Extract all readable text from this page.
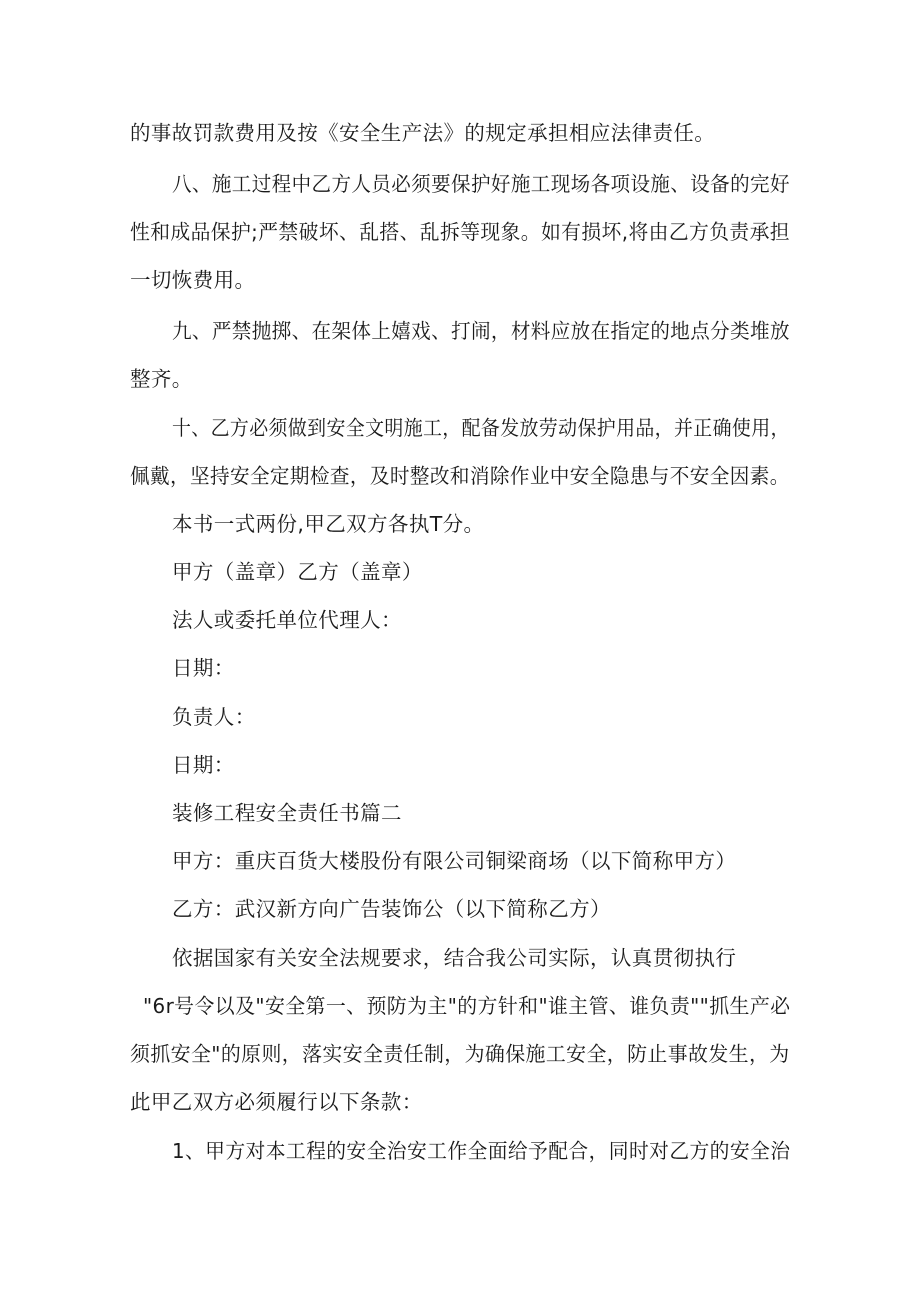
的事故罚款费用及按《安全生产法》的规定承担相应法律责任。
八、施工过程中乙方人员必须要保护好施工现场各项设施、设备的完好
性和成品保护;严禁破坏、乱搭、乱拆等现象。如有损坏,将由乙方负责承担
一切恢费用。
九、严禁抛掷、在架体上嬉戏、打闹，材料应放在指定的地点分类堆放
整齐。
十、乙方必须做到安全文明施工，配备发放劳动保护用品，并正确使用，
佩戴，坚持安全定期检查，及时整改和消除作业中安全隐患与不安全因素。
本书一式两份,甲乙双方各执T分。
甲方（盖章）乙方（盖章）
法人或委托单位代理人：
日期：
负责人：
日期：
装修工程安全责任书篇二
甲方：重庆百货大楼股份有限公司铜梁商场（以下简称甲方）
乙方：武汉新方向广告装饰公（以下简称乙方）
依据国家有关安全法规要求，结合我公司实际，认真贯彻执行
"6r号令以及"安全第一、预防为主"的方针和"谁主管、谁负责""抓生产必
须抓安全"的原则，落实安全责任制，为确保施工安全，防止事故发生，为
此甲乙双方必须履行以下条款：
1、甲方对本工程的安全治安工作全面给予配合，同时对乙方的安全治
